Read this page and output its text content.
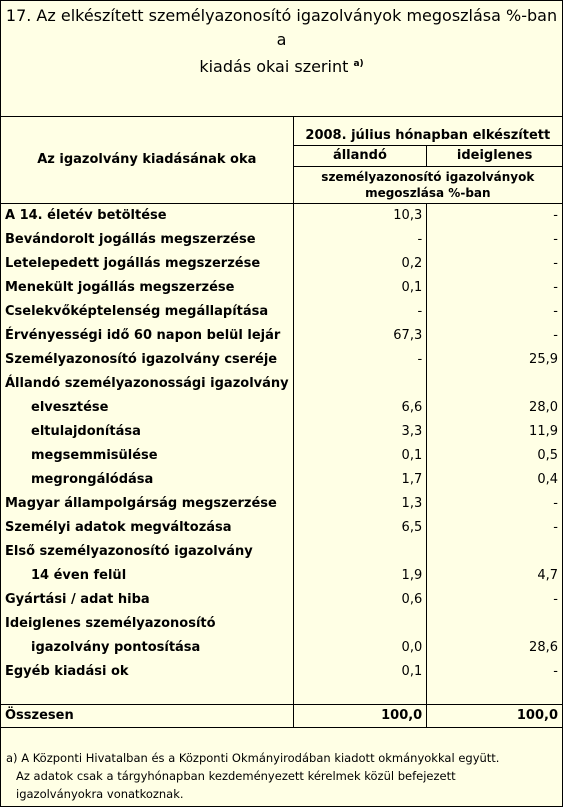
17. Az elkészített személyazonosító igazolványok megoszlása %-ban a
kiadás okai szerint $^{a)}$
Az igazolvány kiadásának oka	2008. július hónapban elkészített	
	állandó	ideiglenes
	személyazonosító igazolványok megoszlása %-ban	
A 14. életév betöltése	10,3	-
Bevándorolt jogállás megszerzése	-	-
Letelepedett jogállás megszerzése	0,2	-
Menekült jogállás megszerzése	0,1	-
Cselekvőképtelenség megállapítása	-	-
Érvényességi idő 60 napon belül lejár	67,3	-
Személyazonosító igazolvány cseréje	-	25,9
Állandó személyazonossági igazolvány		
elvesztése	6,6	28,0
eltulajdonítása	3,3	11,9
megsemmisülése	0,1	0,5
megrongálódása	1,7	0,4
Magyar állampolgárság megszerzése	1,3	-
Személyi adatok megváltozása	6,5	-
Első személyazonosító igazolvány		
14 éven felül	1,9	4,7
Gyártási / adat hiba	0,6	-
Ideiglenes személyazonosító		
igazolvány pontosítása	0,0	28,6
Egyéb kiadási ok	0,1	-

Összesen	100,0	100,0
a) A Központi Hivatalban és a Központi Okmányirodában kiadott okmányokkal együtt.
Az adatok csak a tárgyhónapban kezdeményezett kérelmek közül befejezett
igazolványokra vonatkoznak.
